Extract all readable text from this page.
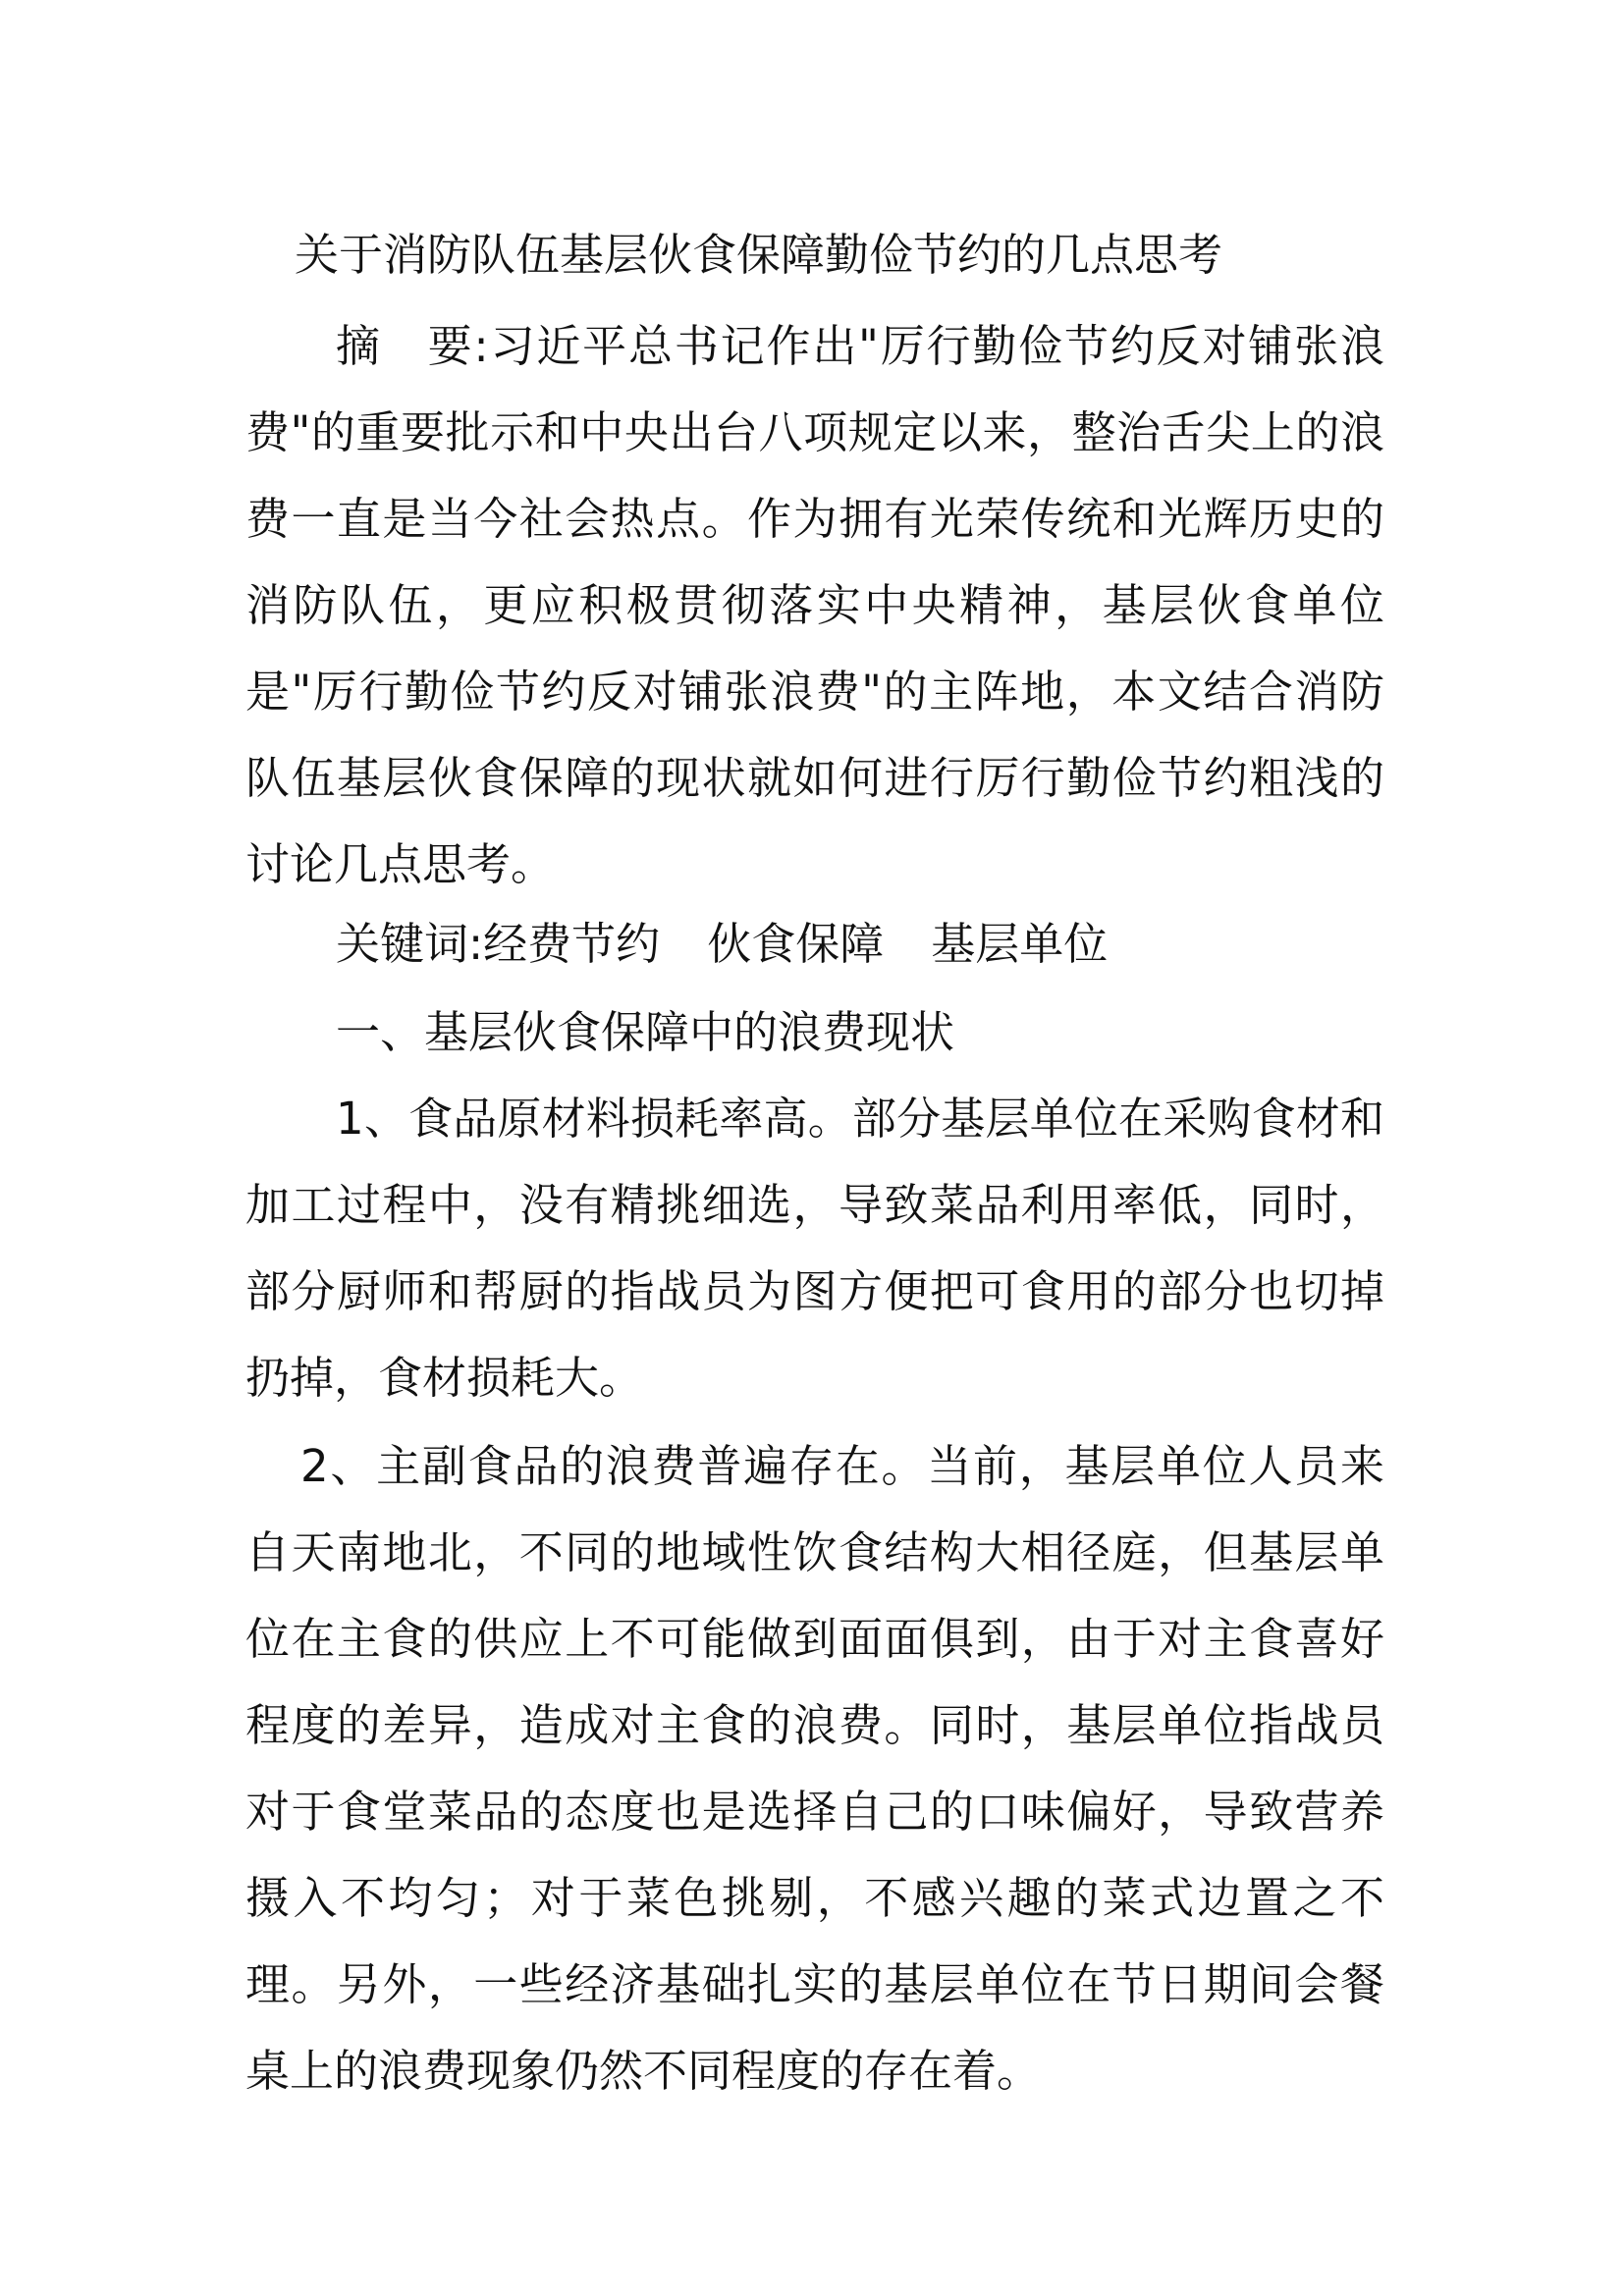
关于消防队伍基层伙食保障勤俭节约的几点思考

摘 要:习近平总书记作出"厉行勤俭节约反对铺张浪费"的重要批示和中央出台八项规定以来，整治舌尖上的浪费一直是当今社会热点。作为拥有光荣传统和光辉历史的消防队伍，更应积极贯彻落实中央精神，基层伙食单位是"厉行勤俭节约反对铺张浪费"的主阵地，本文结合消防队伍基层伙食保障的现状就如何进行厉行勤俭节约粗浅的讨论几点思考。

关键词:经费节约 伙食保障 基层单位

一、基层伙食保障中的浪费现状

1、食品原材料损耗率高。部分基层单位在采购食材和加工过程中，没有精挑细选，导致菜品利用率低，同时，部分厨师和帮厨的指战员为图方便把可食用的部分也切掉扔掉，食材损耗大。

2、主副食品的浪费普遍存在。当前，基层单位人员来自天南地北，不同的地域性饮食结构大相径庭，但基层单位在主食的供应上不可能做到面面俱到，由于对主食喜好程度的差异，造成对主食的浪费。同时，基层单位指战员对于食堂菜品的态度也是选择自己的口味偏好，导致营养摄入不均匀；对于菜色挑剔，不感兴趣的菜式边置之不理。另外，一些经济基础扎实的基层单位在节日期间会餐桌上的浪费现象仍然不同程度的存在着。
